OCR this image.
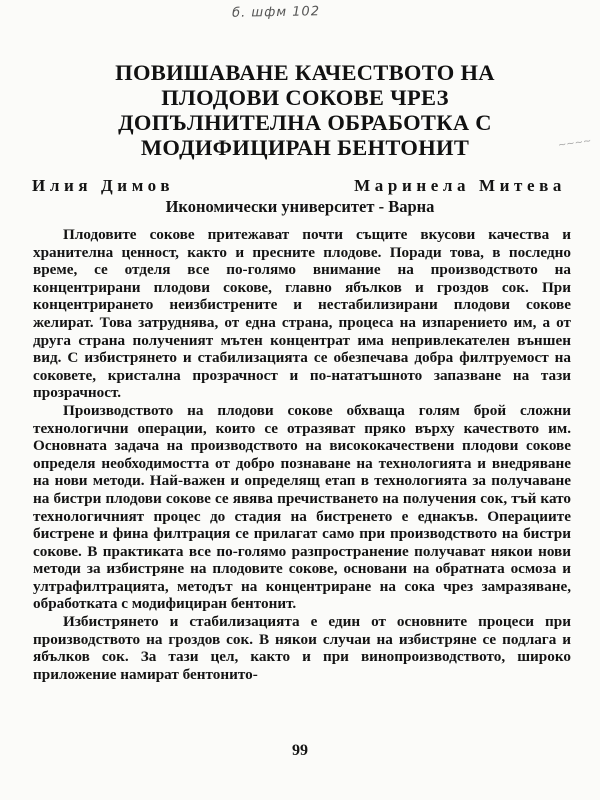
б. шфм 102
~~~~
ПОВИШАВАНЕ КАЧЕСТВОТО НА
ПЛОДОВИ СОКОВЕ ЧРЕЗ
ДОПЪЛНИТЕЛНА ОБРАБОТКА С
МОДИФИЦИРАН БЕНТОНИТ
Илия Димов	Маринела Митева
Икономически университет - Варна

Плодовите сокове притежават почти същите вкусови качества и хранителна ценност, както и пресните плодове. Поради това, в последно време, се отделя все по-голямо внимание на производството на концентрирани плодови сокове, главно ябълков и гроздов сок. При концентрирането неизбистрените и нестабилизирани плодови сокове желират. Това затруднява, от една страна, процеса на изпарението им, а от друга страна полученият мътен концентрат има непривлекателен външен вид. С избистрянето и стабилизацията се обезпечава добра филтруемост на соковете, кристална прозрачност и по-нататъшното запазване на тази прозрачност.

Производството на плодови сокове обхваща голям брой сложни технологични операции, които се отразяват пряко върху качеството им. Основната задача на производството на висококачествени плодови сокове определя необходимостта от добро познаване на технологията и внедряване на нови методи. Най-важен и определящ етап в технологията за получаване на бистри плодови сокове се явява пречистването на получения сок, тъй като технологичният процес до стадия на бистренето е еднакъв. Операциите бистрене и фина филтрация се прилагат само при производството на бистри сокове. В практиката все по-голямо разпространение получават някои нови методи за избистряне на плодовите сокове, основани на обратната осмоза и ултрафилтрацията, методът на концентриране на сока чрез замразяване, обработката с модифициран бентонит.

Избистрянето и стабилизацията е един от основните процеси при производството на гроздов сок. В някои случаи на избистряне се подлага и ябълков сок. За тази цел, както и при винопроизводството, широко приложение намират бентонито-

99
